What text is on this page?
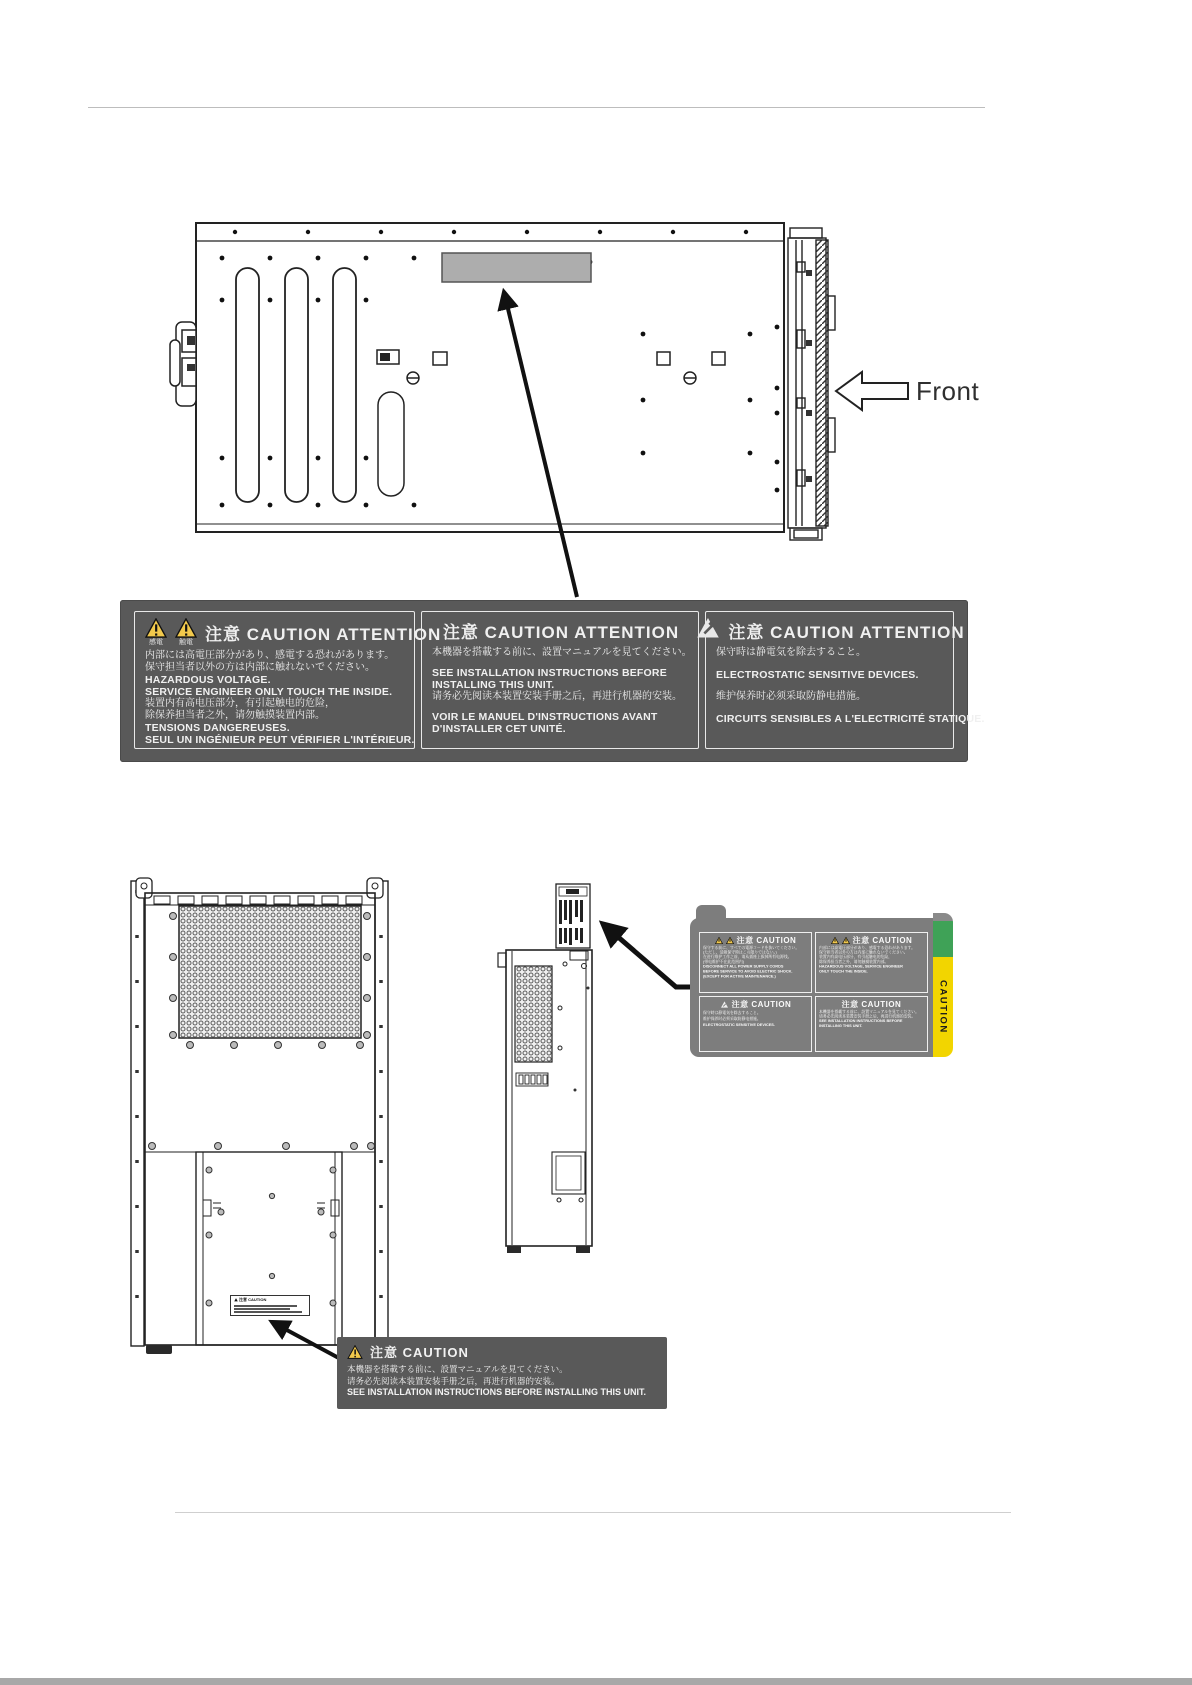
Front
感電 触電 注意 CAUTION ATTENTION
内部には高電圧部分があり、感電する恐れがあります。
保守担当者以外の方は内部に触れないでください。
HAZARDOUS VOLTAGE.
SERVICE ENGINEER ONLY TOUCH THE INSIDE.
装置内有高电压部分，有引起触电的危险，
除保养担当者之外，请勿触摸装置内部。
TENSIONS DANGEREUSES.
SEUL UN INGÉNIEUR PEUT VÉRIFIER L'INTÉRIEUR.
注意 CAUTION ATTENTION
本機器を搭載する前に、設置マニュアルを見てください。
SEE INSTALLATION INSTRUCTIONS BEFORE
INSTALLING THIS UNIT.
请务必先阅读本装置安装手册之后，再进行机器的安装。
VOIR LE MANUEL D'INSTRUCTIONS AVANT
D'INSTALLER CET UNITÉ.
注意 CAUTION ATTENTION
保守時は静電気を除去すること。
ELECTROSTATIC SENSITIVE DEVICES.
维护保养时必须采取防静电措施。
CIRCUITS SENSIBLES A L'ELECTRICITÉ STATIQUE.
注意 CAUTION
保守する前に、すべての電源コードを抜いてください。
(ただし、活線保守時はこの限りではない。)
在进行维护工作之前，请从插座上拔掉所有电源线。
(带电维护不在此范围内)
DISCONNECT ALL POWER SUPPLY CORDS
BEFORE SERVICE TO AVOID ELECTRIC SHOCK.
(EXCEPT FOR ACTIVE MAINTENANCE.)
注意 CAUTION
内部には高電圧部分があり、感電する恐れがあります。
保守担当者以外の方は内部に触れないでください。
装置内有高电压部分，有引起触电的危险，
除保养担当者之外，请勿触摸装置内部。
HAZARDOUS VOLTAGE, SERVICE ENGINEER
ONLY TOUCH THE INSIDE.
注意 CAUTION
保守時は静電気を除去すること。
维护保养时必须采取防静电措施。
ELECTROSTATIC SENSITIVE DEVICES.
注意 CAUTION
本機器を搭載する前に、設置マニュアルを見てください。
请务必先阅读本装置安装手册之后，再进行机器的安装。
SEE INSTALLATION INSTRUCTIONS BEFORE
INSTALLING THIS UNIT.	CAUTION
注意 CAUTION
注意 CAUTION
本機器を搭載する前に、設置マニュアルを見てください。
请务必先阅读本装置安装手册之后，再进行机器的安装。
SEE INSTALLATION INSTRUCTIONS BEFORE INSTALLING THIS UNIT.
